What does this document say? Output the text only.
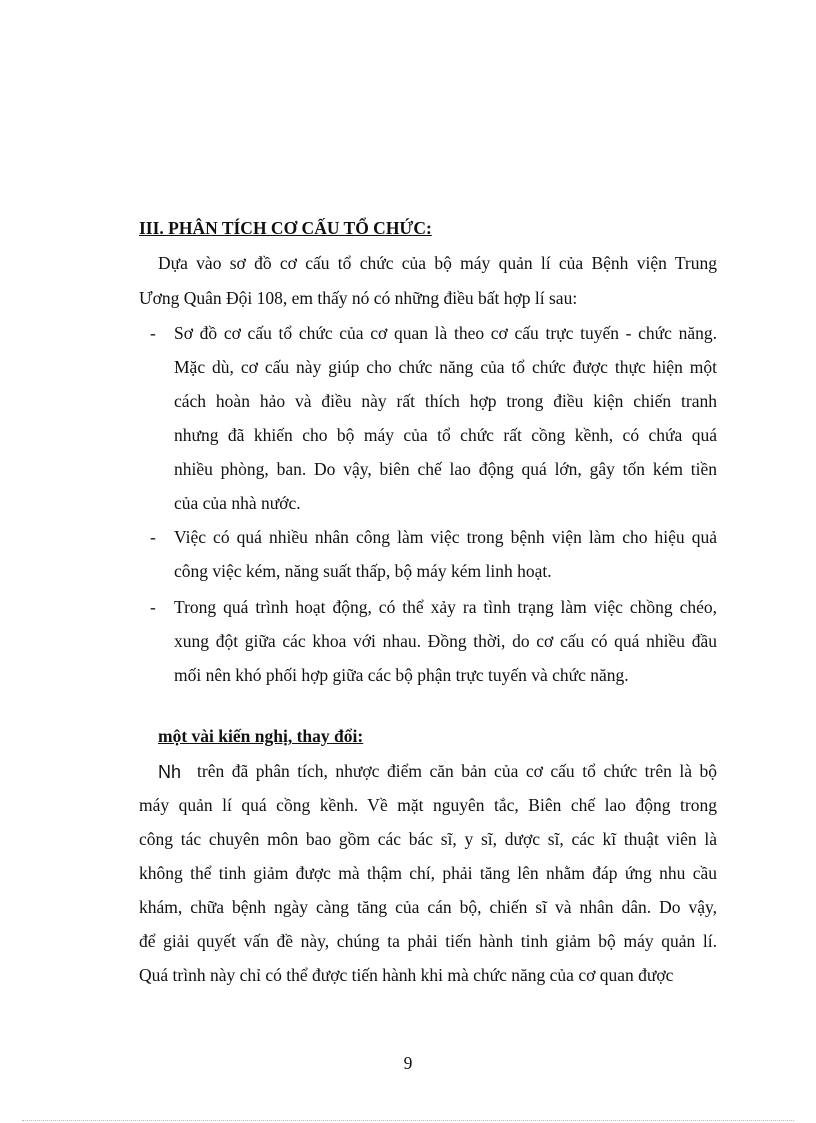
III. PHÂN TÍCH CƠ CẤU TỔ CHỨC:
Dựa vào sơ đồ cơ cấu tổ chức của bộ máy quản lí của Bệnh viện Trung
Ương Quân Đội 108, em thấy nó có những điều bất hợp lí sau:
- Sơ đồ cơ cấu tổ chức của cơ quan là theo cơ cấu trực tuyến - chức năng.
Mặc dù, cơ cấu này giúp cho chức năng của tổ chức được thực hiện một
cách hoàn hảo và điều này rất thích hợp trong điều kiện chiến tranh
nhưng đã khiến cho bộ máy của tổ chức rất cồng kềnh, có chứa quá
nhiều phòng, ban. Do vậy, biên chế lao động quá lớn, gây tốn kém tiền
của của nhà nước.
- Việc có quá nhiều nhân công làm việc trong bệnh viện làm cho hiệu quả
công việc kém, năng suất thấp, bộ máy kém linh hoạt.
- Trong quá trình hoạt động, có thể xảy ra tình trạng làm việc chồng chéo,
xung đột giữa các khoa với nhau. Đồng thời, do cơ cấu có quá nhiều đầu
mối nên khó phối hợp giữa các bộ phận trực tuyến và chức năng.
một vài kiến nghị, thay đổi:
Nh trên đã phân tích, nhược điểm căn bản của cơ cấu tổ chức trên là bộ
máy quản lí quá cồng kềnh. Về mặt nguyên tắc, Biên chế lao động trong
công tác chuyên môn bao gồm các bác sĩ, y sĩ, dược sĩ, các kĩ thuật viên là
không thể tinh giảm được mà thậm chí, phải tăng lên nhằm đáp ứng nhu cầu
khám, chữa bệnh ngày càng tăng của cán bộ, chiến sĩ và nhân dân. Do vậy,
để giải quyết vấn đề này, chúng ta phải tiến hành tinh giảm bộ máy quản lí.
Quá trình này chỉ có thể được tiến hành khi mà chức năng của cơ quan được
9
